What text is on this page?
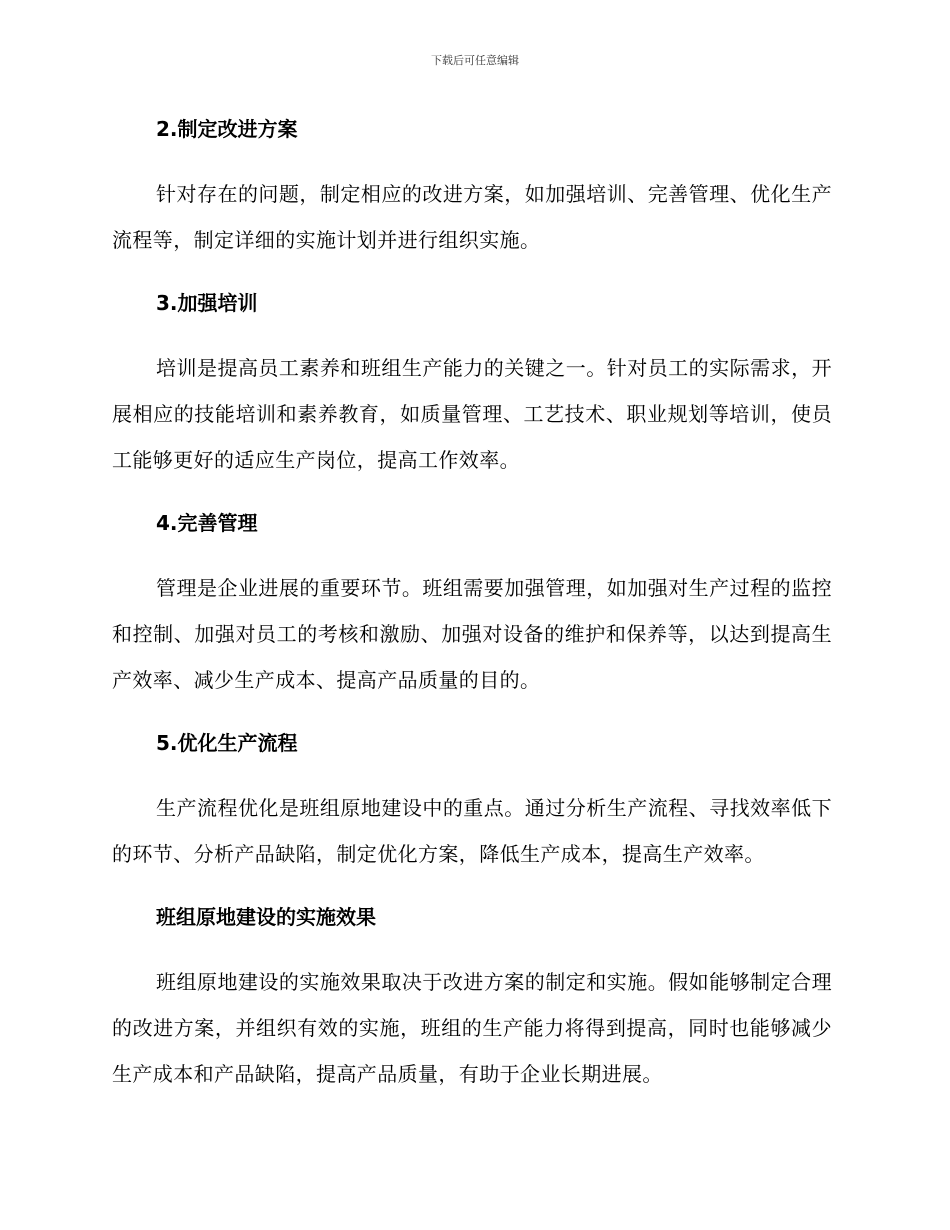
下载后可任意编辑
2.制定改进方案

针对存在的问题，制定相应的改进方案，如加强培训、完善管理、优化生产流程等，制定详细的实施计划并进行组织实施。

3.加强培训

培训是提高员工素养和班组生产能力的关键之一。针对员工的实际需求，开展相应的技能培训和素养教育，如质量管理、工艺技术、职业规划等培训，使员工能够更好的适应生产岗位，提高工作效率。

4.完善管理

管理是企业进展的重要环节。班组需要加强管理，如加强对生产过程的监控和控制、加强对员工的考核和激励、加强对设备的维护和保养等，以达到提高生产效率、减少生产成本、提高产品质量的目的。

5.优化生产流程

生产流程优化是班组原地建设中的重点。通过分析生产流程、寻找效率低下的环节、分析产品缺陷，制定优化方案，降低生产成本，提高生产效率。

班组原地建设的实施效果

班组原地建设的实施效果取决于改进方案的制定和实施。假如能够制定合理的改进方案，并组织有效的实施，班组的生产能力将得到提高，同时也能够减少生产成本和产品缺陷，提高产品质量，有助于企业长期进展。
